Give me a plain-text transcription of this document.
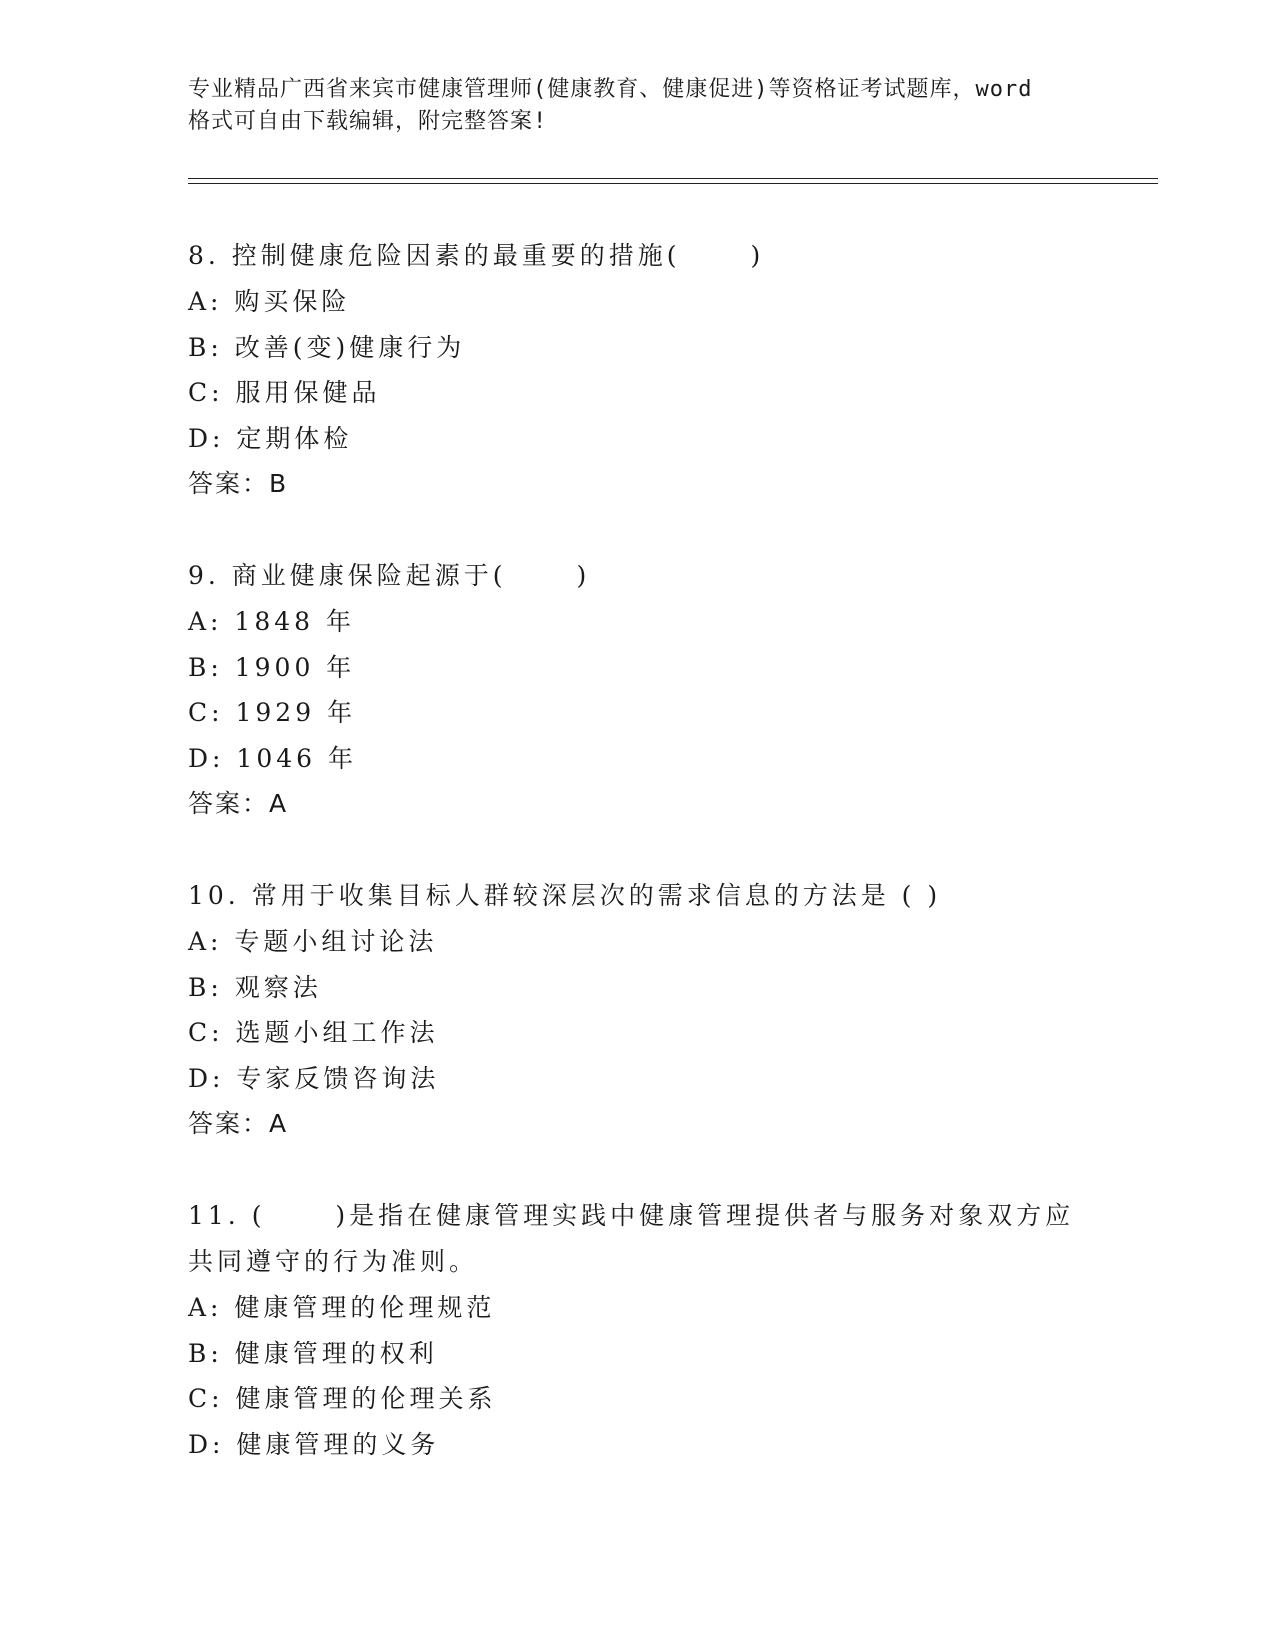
专业精品广西省来宾市健康管理师(健康教育、健康促进)等资格证考试题库，word
格式可自由下载编辑，附完整答案!

8. 控制健康危险因素的最重要的措施(　　 )

A: 购买保险

B: 改善(变)健康行为

C: 服用保健品

D: 定期体检

答案：B

9. 商业健康保险起源于(　　 )

A: 1848 年

B: 1900 年

C: 1929 年

D: 1046 年

答案：A

10. 常用于收集目标人群较深层次的需求信息的方法是 ( )

A: 专题小组讨论法

B: 观察法

C: 选题小组工作法

D: 专家反馈咨询法

答案：A

11. (　　 )是指在健康管理实践中健康管理提供者与服务对象双方应

共同遵守的行为准则。

A: 健康管理的伦理规范

B: 健康管理的权利

C: 健康管理的伦理关系

D: 健康管理的义务
